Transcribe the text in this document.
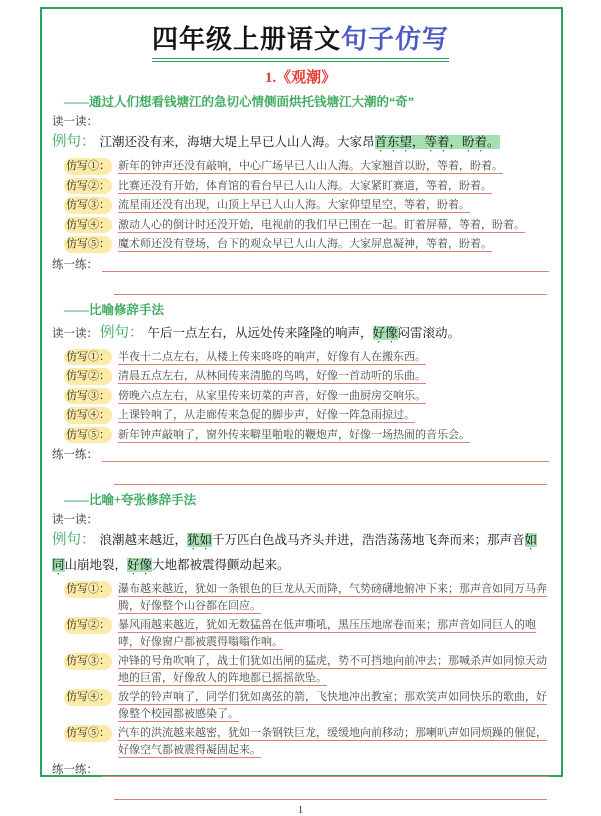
四年级上册语文句子仿写
1.《观潮》
——通过人们想看钱塘江的急切心情侧面烘托钱塘江大潮的“奇”
读一读：
例句： 江潮还没有来，海塘大堤上早已人山人海。大家昂首东望，等着，盼着。
仿写①： 新年的钟声还没有敲响，中心广场早已人山人海。大家翘首以盼，等着，盼着。
仿写②： 比赛还没有开始，体育馆的看台早已人山人海。大家紧盯赛道，等着，盼着。
仿写③： 流星雨还没有出现，山顶上早已人山人海。大家仰望星空，等着，盼着。
仿写④： 激动人心的倒计时还没开始，电视前的我们早已围在一起。盯着屏幕，等着，盼着。
仿写⑤： 魔术师还没有登场，台下的观众早已人山人海。大家屏息凝神，等着，盼着。
练一练：
——比喻修辞手法
读一读： 例句： 午后一点左右，从远处传来隆隆的响声，好像闷雷滚动。
仿写①： 半夜十二点左右，从楼上传来咚咚的响声，好像有人在搬东西。
仿写②： 清晨五点左右，从林间传来清脆的鸟鸣，好像一首动听的乐曲。
仿写③： 傍晚六点左右，从家里传来切菜的声音，好像一曲厨房交响乐。
仿写④： 上课铃响了，从走廊传来急促的脚步声，好像一阵急雨掠过。
仿写⑤： 新年钟声敲响了，窗外传来噼里啪啦的鞭炮声，好像一场热闹的音乐会。
练一练：
——比喻+夸张修辞手法
读一读：
例句： 浪潮越来越近，犹如千万匹白色战马齐头并进，浩浩荡荡地飞奔而来；那声音如同山崩地裂，好像大地都被震得颤动起来。
仿写①： 瀑布越来越近，犹如一条银色的巨龙从天而降，气势磅礴地俯冲下来；那声音如同万马奔腾，好像整个山谷都在回应。
仿写②： 暴风雨越来越近，犹如无数猛兽在低声嘶吼，黑压压地席卷而来；那声音如同巨人的咆哮，好像窗户都被震得嗡嗡作响。
仿写③： 冲锋的号角吹响了，战士们犹如出闸的猛虎，势不可挡地向前冲去；那喊杀声如同惊天动地的巨雷，好像敌人的阵地都已摇摇欲坠。
仿写④： 放学的铃声响了，同学们犹如离弦的箭，飞快地冲出教室；那欢笑声如同快乐的歌曲，好像整个校园都被感染了。
仿写⑤： 汽车的洪流越来越密，犹如一条钢铁巨龙，缓缓地向前移动；那喇叭声如同烦躁的催促，好像空气都被震得凝固起来。
练一练：
1
